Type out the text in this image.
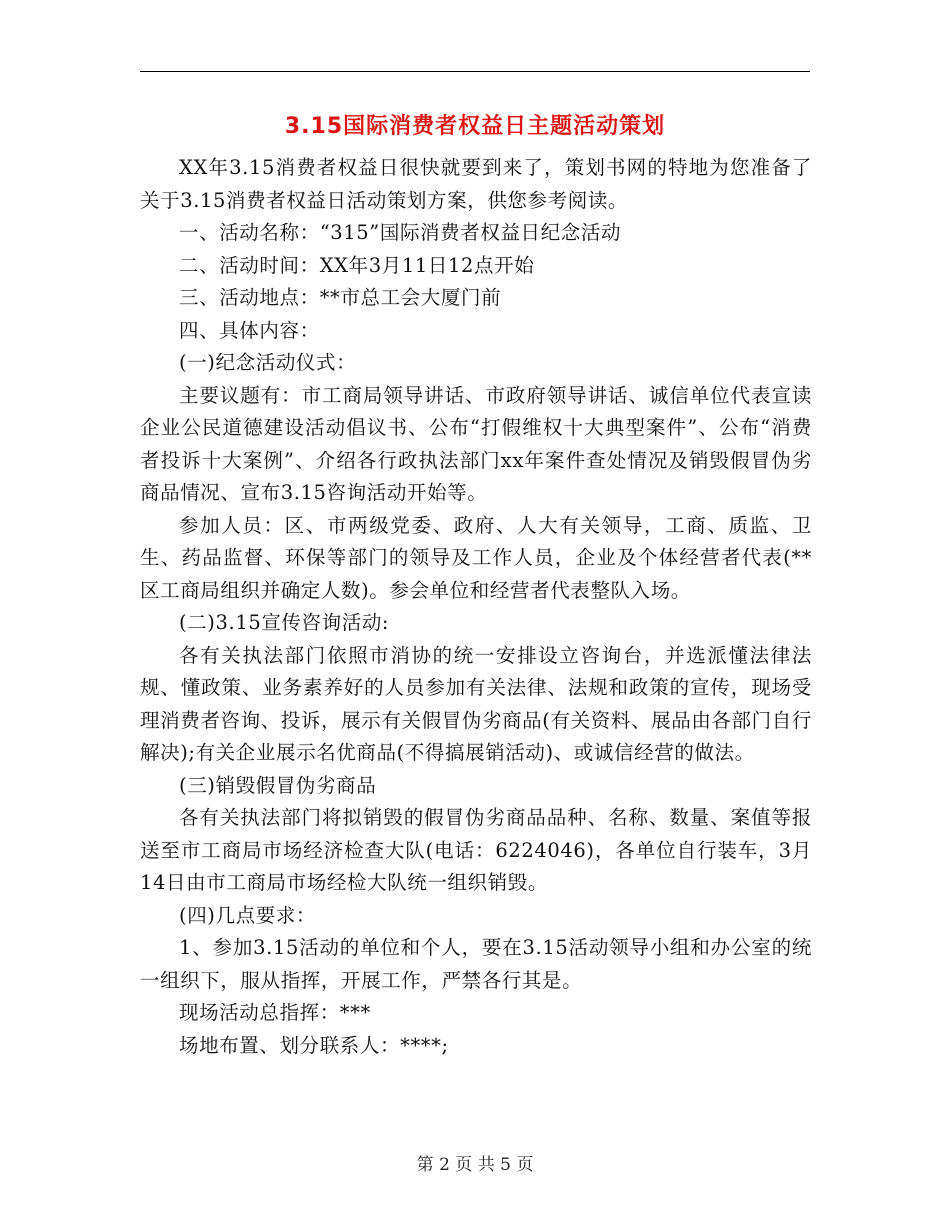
3.15国际消费者权益日主题活动策划

XX年3.15消费者权益日很快就要到来了，策划书网的特地为您准备了关于3.15消费者权益日活动策划方案，供您参考阅读。

一、活动名称：“315”国际消费者权益日纪念活动

二、活动时间：XX年3月11日12点开始

三、活动地点：**市总工会大厦门前

四、具体内容：

(一)纪念活动仪式：

主要议题有：市工商局领导讲话、市政府领导讲话、诚信单位代表宣读企业公民道德建设活动倡议书、公布“打假维权十大典型案件”、公布“消费者投诉十大案例”、介绍各行政执法部门xx年案件查处情况及销毁假冒伪劣商品情况、宣布3.15咨询活动开始等。

参加人员：区、市两级党委、政府、人大有关领导，工商、质监、卫生、药品监督、环保等部门的领导及工作人员，企业及个体经营者代表(**区工商局组织并确定人数)。参会单位和经营者代表整队入场。

(二)3.15宣传咨询活动:

各有关执法部门依照市消协的统一安排设立咨询台，并选派懂法律法规、懂政策、业务素养好的人员参加有关法律、法规和政策的宣传，现场受理消费者咨询、投诉，展示有关假冒伪劣商品(有关资料、展品由各部门自行解决);有关企业展示名优商品(不得搞展销活动)、或诚信经营的做法。

(三)销毁假冒伪劣商品

各有关执法部门将拟销毁的假冒伪劣商品品种、名称、数量、案值等报送至市工商局市场经济检查大队(电话：6224046)，各单位自行装车，3月14日由市工商局市场经检大队统一组织销毁。

(四)几点要求：

1、参加3.15活动的单位和个人，要在3.15活动领导小组和办公室的统一组织下，服从指挥，开展工作，严禁各行其是。

现场活动总指挥：***

场地布置、划分联系人：****;

第 2 页 共 5 页
